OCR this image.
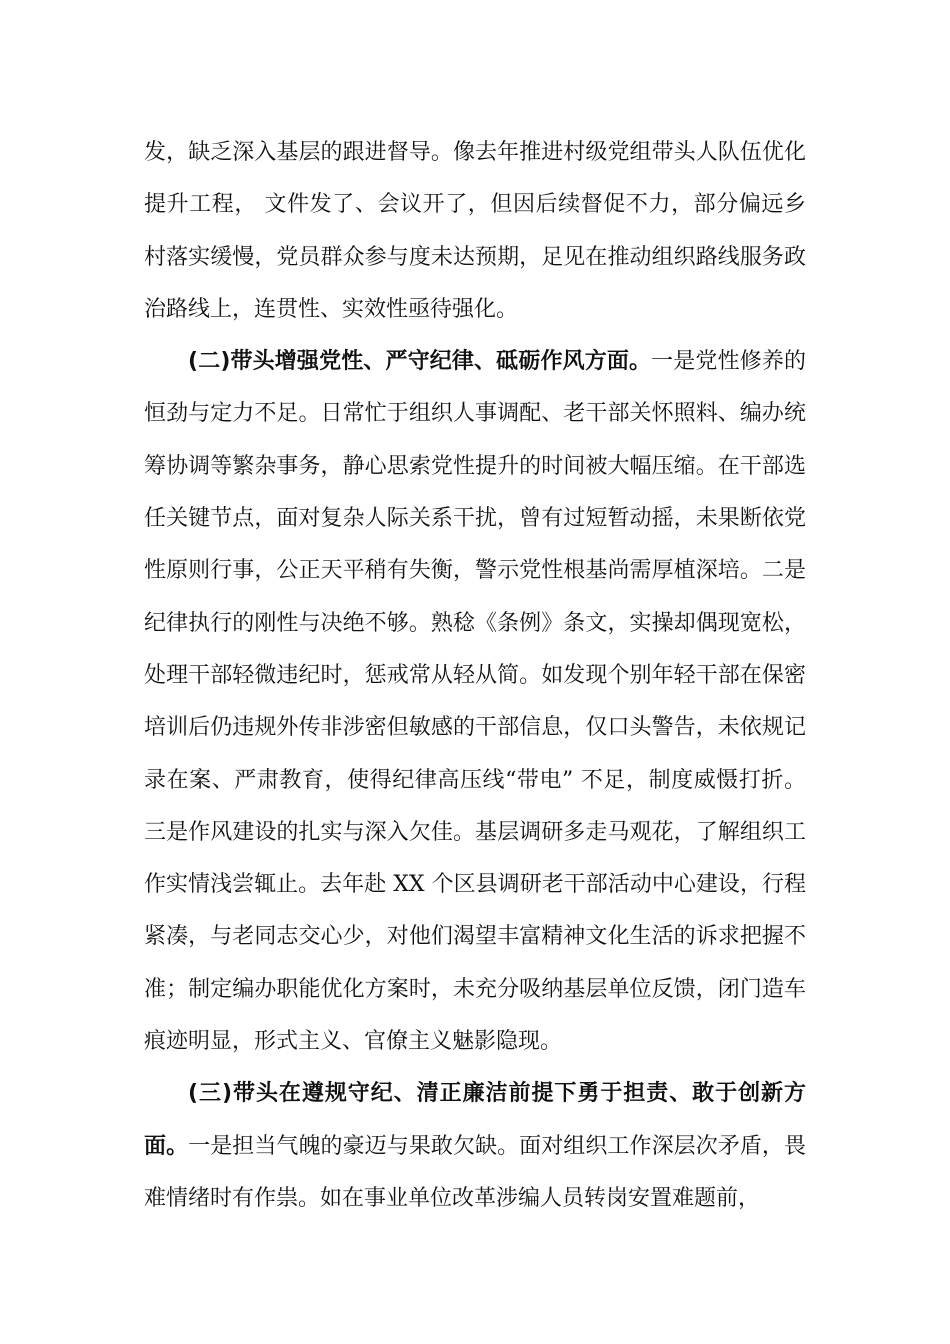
发，缺乏深入基层的跟进督导。像去年推进村级党组带头人队伍优化提升工程， 文件发了、会议开了，但因后续督促不力，部分偏远乡村落实缓慢，党员群众参与度未达预期，足见在推动组织路线服务政治路线上，连贯性、实效性亟待强化。

(二)带头增强党性、严守纪律、砥砺作风方面。一是党性修养的恒劲与定力不足。日常忙于组织人事调配、老干部关怀照料、编办统筹协调等繁杂事务，静心思索党性提升的时间被大幅压缩。在干部选任关键节点，面对复杂人际关系干扰，曾有过短暂动摇，未果断依党性原则行事，公正天平稍有失衡，警示党性根基尚需厚植深培。二是纪律执行的刚性与决绝不够。熟稔《条例》条文，实操却偶现宽松，处理干部轻微违纪时，惩戒常从轻从简。如发现个别年轻干部在保密培训后仍违规外传非涉密但敏感的干部信息，仅口头警告，未依规记录在案、严肃教育，使得纪律高压线“带电” 不足，制度威慑打折。三是作风建设的扎实与深入欠佳。基层调研多走马观花，了解组织工作实情浅尝辄止。去年赴 XX 个区县调研老干部活动中心建设，行程紧凑，与老同志交心少，对他们渴望丰富精神文化生活的诉求把握不准；制定编办职能优化方案时，未充分吸纳基层单位反馈，闭门造车痕迹明显，形式主义、官僚主义魅影隐现。

(三)带头在遵规守纪、清正廉洁前提下勇于担责、敢于创新方面。一是担当气魄的豪迈与果敢欠缺。面对组织工作深层次矛盾，畏难情绪时有作祟。如在事业单位改革涉编人员转岗安置难题前，
